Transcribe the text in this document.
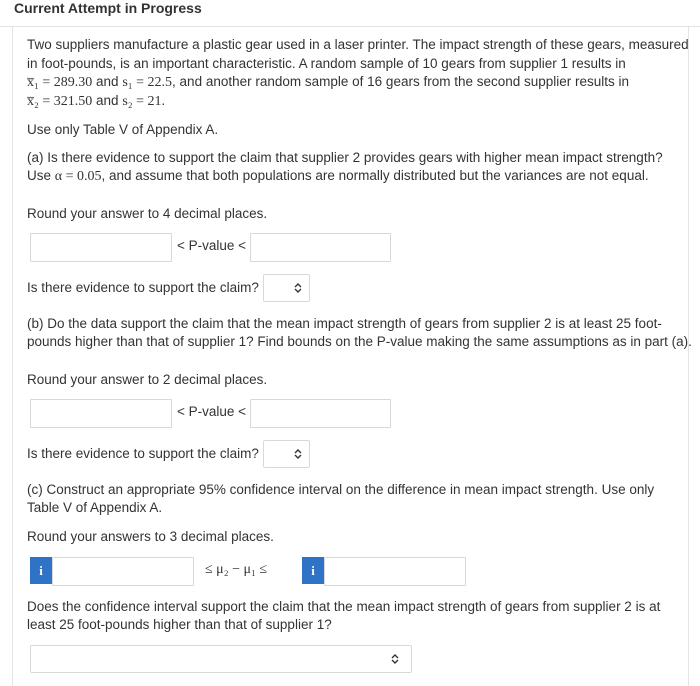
Current Attempt in Progress
Two suppliers manufacture a plastic gear used in a laser printer. The impact strength of these gears, measured
in foot-pounds, is an important characteristic. A random sample of 10 gears from supplier 1 results in
x̅₁ = 289.30 and s₁ = 22.5, and another random sample of 16 gears from the second supplier results in
x̅₂ = 321.50 and s₂ = 21.
Use only Table V of Appendix A.
(a) Is there evidence to support the claim that supplier 2 provides gears with higher mean impact strength?
Use α = 0.05, and assume that both populations are normally distributed but the variances are not equal.
Round your answer to 4 decimal places.
< P-value <
Is there evidence to support the claim?
(b) Do the data support the claim that the mean impact strength of gears from supplier 2 is at least 25 foot-
pounds higher than that of supplier 1? Find bounds on the P-value making the same assumptions as in part (a).
Round your answer to 2 decimal places.
< P-value <
Is there evidence to support the claim?
(c) Construct an appropriate 95% confidence interval on the difference in mean impact strength. Use only
Table V of Appendix A.
Round your answers to 3 decimal places.
i	≤ μ₂ − μ₁ ≤	i
Does the confidence interval support the claim that the mean impact strength of gears from supplier 2 is at
least 25 foot-pounds higher than that of supplier 1?
